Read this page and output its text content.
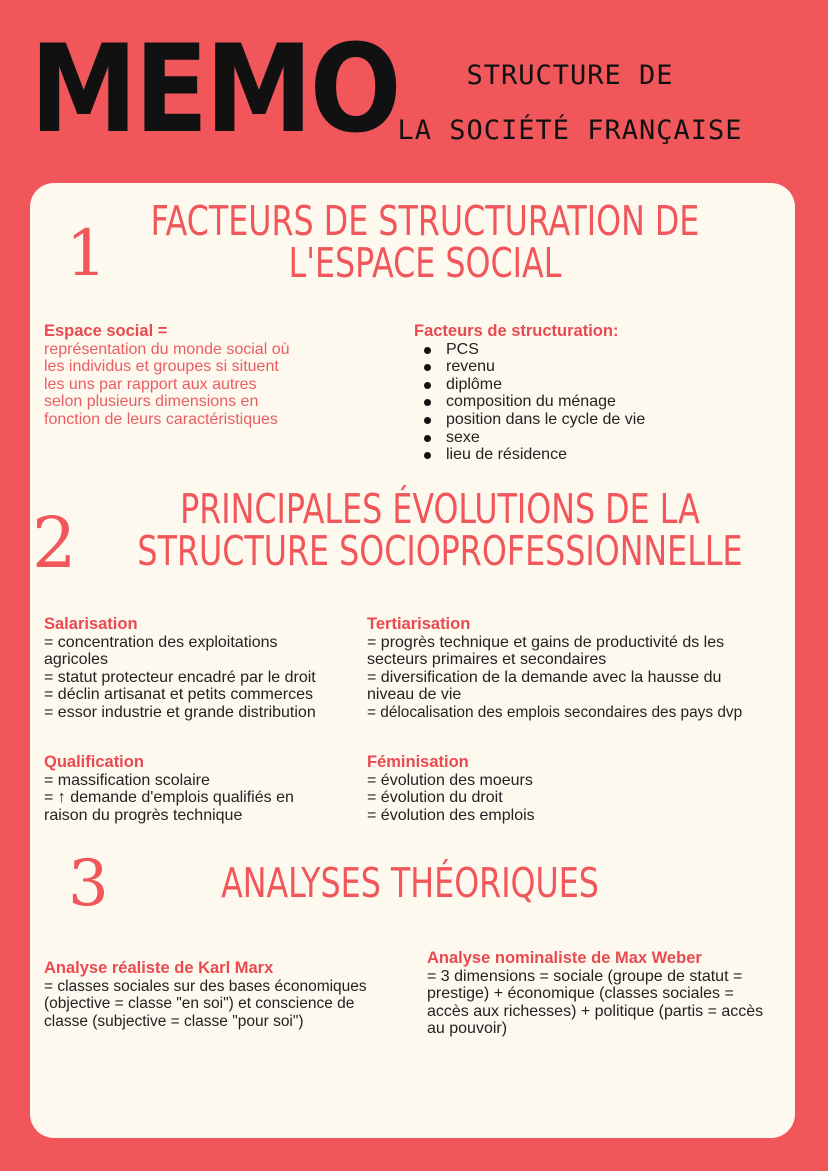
MEMO	STRUCTURE DE
LA SOCIÉTÉ FRANÇAISE
1	FACTEURS DE STRUCTURATION DE
L'ESPACE SOCIAL
Espace social =
représentation du monde social où
les individus et groupes si situent
les uns par rapport aux autres
selon plusieurs dimensions en
fonction de leurs caractéristiques
Facteurs de structuration:
PCS
revenu
diplôme
composition du ménage
position dans le cycle de vie
sexe
lieu de résidence
2	PRINCIPALES ÉVOLUTIONS DE LA
STRUCTURE SOCIOPROFESSIONNELLE
Salarisation
= concentration des exploitations
agricoles
= statut protecteur encadré par le droit
= déclin artisanat et petits commerces
= essor industrie et grande distribution
Tertiarisation
= progrès technique et gains de productivité ds les
secteurs primaires et secondaires
= diversification de la demande avec la hausse du
niveau de vie
= délocalisation des emplois secondaires des pays dvp
Qualification
= massification scolaire
= ↑ demande d'emplois qualifiés en
raison du progrès technique
Féminisation
= évolution des moeurs
= évolution du droit
= évolution des emplois
3	ANALYSES THÉORIQUES
Analyse réaliste de Karl Marx
= classes sociales sur des bases économiques
(objective = classe "en soi") et conscience de
classe (subjective = classe "pour soi")
Analyse nominaliste de Max Weber
= 3 dimensions = sociale (groupe de statut =
prestige) + économique (classes sociales =
accès aux richesses) + politique (partis = accès
au pouvoir)
